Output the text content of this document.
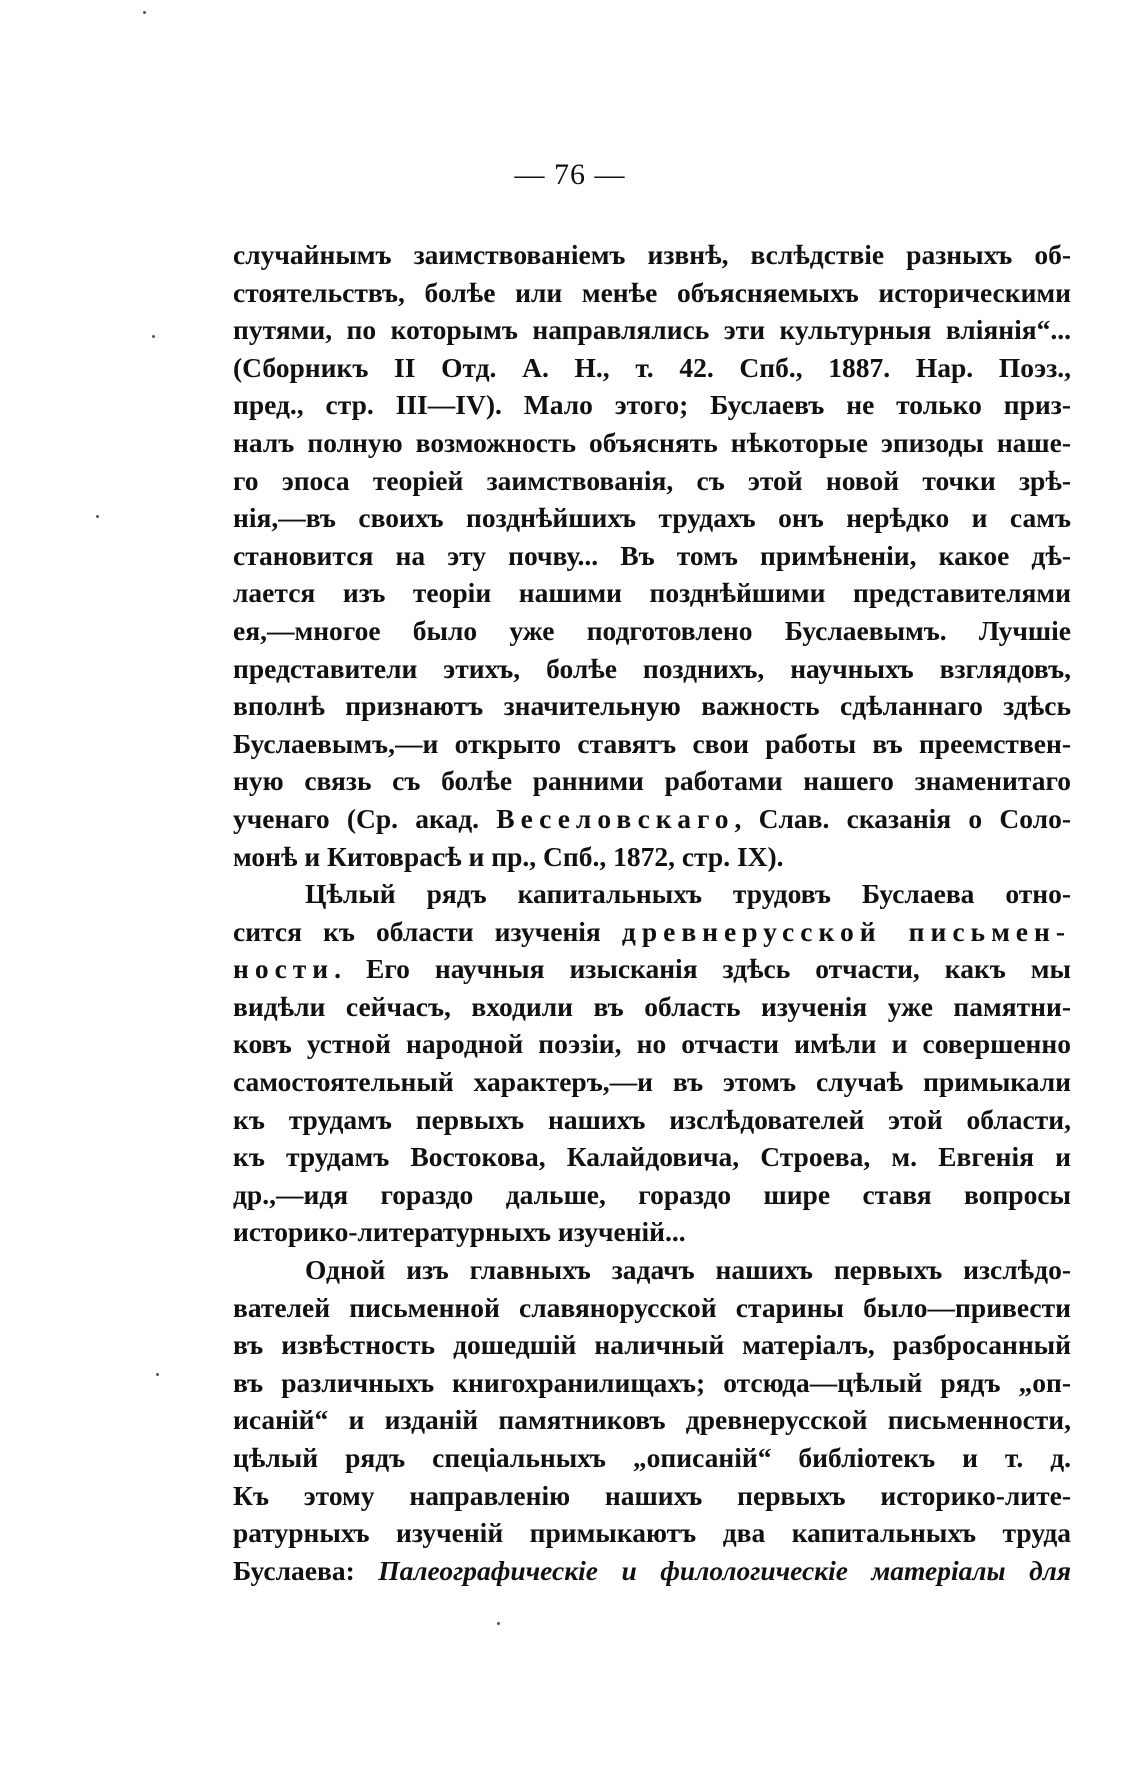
— 76 —
случайнымъ заимствованіемъ извнѣ, вслѣдствіе разныхъ об-
стоятельствъ, болѣе или менѣе объясняемыхъ историческими
путями, по которымъ направлялись эти культурныя вліянія“...
(Сборникъ II Отд. А. Н., т. 42. Спб., 1887. Нар. Поэз.,
пред., стр. III—IV). Мало этого; Буслаевъ не только приз-
налъ полную возможность объяснять нѣкоторые эпизоды наше-
го эпоса теоріей заимствованія, съ этой новой точки зрѣ-
нія,—въ своихъ позднѣйшихъ трудахъ онъ нерѣдко и самъ
становится на эту почву... Въ томъ примѣненіи, какое дѣ-
лается изъ теоріи нашими позднѣйшими представителями
ея,—многое было уже подготовлено Буслаевымъ. Лучшіе
представители этихъ, болѣе позднихъ, научныхъ взглядовъ,
вполнѣ признаютъ значительную важность сдѣланнаго здѣсь
Буслаевымъ,—и открыто ставятъ свои работы въ преемствен-
ную связь съ болѣе ранними работами нашего знаменитаго
ученаго (Ср. акад. Веселовскаго, Слав. сказанія о Соло-
монѣ и Китоврасѣ и пр., Спб., 1872, стр. IX).
Цѣлый рядъ капитальныхъ трудовъ Буслаева отно-
сится къ области изученія древнерусской письмен-
ности. Его научныя изысканія здѣсь отчасти, какъ мы
видѣли сейчасъ, входили въ область изученія уже памятни-
ковъ устной народной поэзіи, но отчасти имѣли и совершенно
самостоятельный характеръ,—и въ этомъ случаѣ примыкали
къ трудамъ первыхъ нашихъ изслѣдователей этой области,
къ трудамъ Востокова, Калайдовича, Строева, м. Евгенія и
др.,—идя гораздо дальше, гораздо шире ставя вопросы
историко-литературныхъ изученій...
Одной изъ главныхъ задачъ нашихъ первыхъ изслѣдо-
вателей письменной славянорусской старины было—привести
въ извѣстность дошедшій наличный матеріалъ, разбросанный
въ различныхъ книгохранилищахъ; отсюда—цѣлый рядъ „оп-
исаній“ и изданій памятниковъ древнерусской письменности,
цѣлый рядъ спеціальныхъ „описаній“ библіотекъ и т. д.
Къ этому направленію нашихъ первыхъ историко-лите-
ратурныхъ изученій примыкаютъ два капитальныхъ труда
Буслаева: Палеографическіе и филологическіе матеріалы для
